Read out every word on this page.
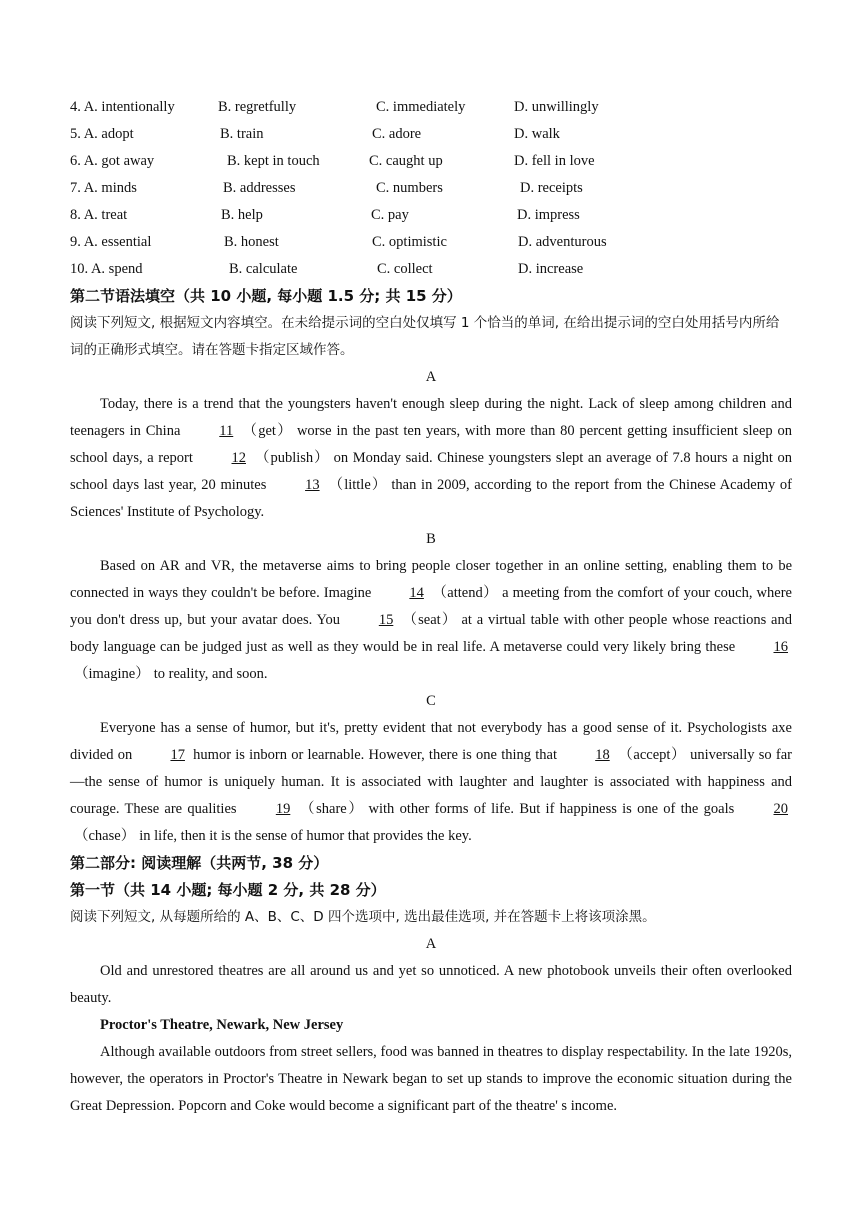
4. A. intentionally	B. regretfully	C. immediately	D. unwillingly
5. A. adopt	B. train	C. adore	D. walk
6. A. got away	B. kept in touch	C. caught up	D. fell in love
7. A. minds	B. addresses	C. numbers	D. receipts
8. A. treat	B. help	C. pay	D. impress
9. A. essential	B. honest	C. optimistic	D. adventurous
10. A. spend	B. calculate	C. collect	D. increase

第二节语法填空（共 10 小题, 每小题 1.5 分; 共 15 分）

阅读下列短文, 根据短文内容填空。在未给提示词的空白处仅填写 1 个恰当的单词, 在给出提示词的空白处用括号内所给词的正确形式填空。请在答题卡指定区域作答。

A

Today, there is a trend that the youngsters haven't enough sleep during the night. Lack of sleep among children and teenagers in China 11 （get） worse in the past ten years, with more than 80 percent getting insufficient sleep on school days, a report 12 （publish） on Monday said. Chinese youngsters slept an average of 7.8 hours a night on school days last year, 20 minutes 13 （little） than in 2009, according to the report from the Chinese Academy of Sciences' Institute of Psychology.

B

Based on AR and VR, the metaverse aims to bring people closer together in an online setting, enabling them to be connected in ways they couldn't be before. Imagine 14 （attend） a meeting from the comfort of your couch, where you don't dress up, but your avatar does. You 15 （seat） at a virtual table with other people whose reactions and body language can be judged just as well as they would be in real life. A metaverse could very likely bring these 16（imagine） to reality, and soon.

C

Everyone has a sense of humor, but it's, pretty evident that not everybody has a good sense of it. Psychologists axe divided on 17 humor is inborn or learnable. However, there is one thing that 18 （accept） universally so far—the sense of humor is uniquely human. It is associated with laughter and laughter is associated with happiness and courage. These are qualities 19 （share） with other forms of life. But if happiness is one of the goals 20（chase） in life, then it is the sense of humor that provides the key.

第二部分: 阅读理解（共两节, 38 分）

第一节（共 14 小题; 每小题 2 分, 共 28 分）

阅读下列短文, 从每题所给的 A、B、C、D 四个选项中, 选出最佳选项, 并在答题卡上将该项涂黑。

A

Old and unrestored theatres are all around us and yet so unnoticed. A new photobook unveils their often overlooked beauty.

Proctor's Theatre, Newark, New Jersey

Although available outdoors from street sellers, food was banned in theatres to display respectability. In the late 1920s, however, the operators in Proctor's Theatre in Newark began to set up stands to improve the economic situation during the Great Depression. Popcorn and Coke would become a significant part of the theatre' s income.
